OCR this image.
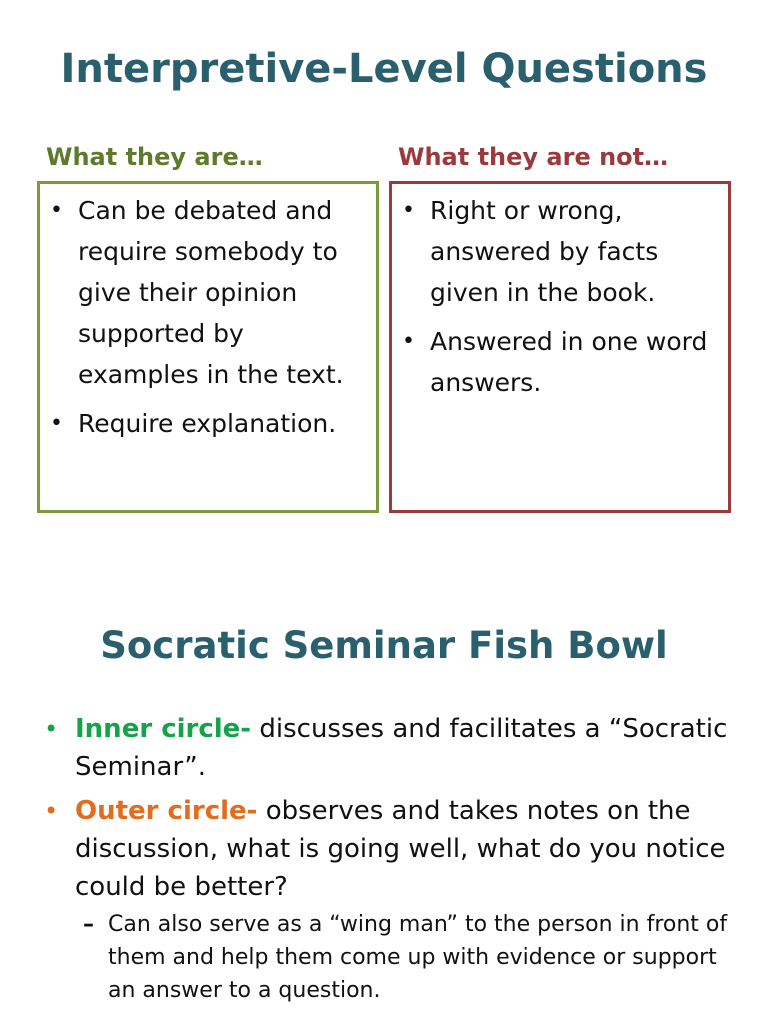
Interpretive-Level Questions
What they are…	What they are not…
• Can be debated and require somebody to give their opinion supported by examples in the text.
• Require explanation.
• Right or wrong, answered by facts given in the book.
• Answered in one word answers.
Socratic Seminar Fish Bowl
• Inner circle- discusses and facilitates a “Socratic Seminar”.
• Outer circle- observes and takes notes on the discussion, what is going well, what do you notice could be better?
– Can also serve as a “wing man” to the person in front of them and help them come up with evidence or support an answer to a question.
